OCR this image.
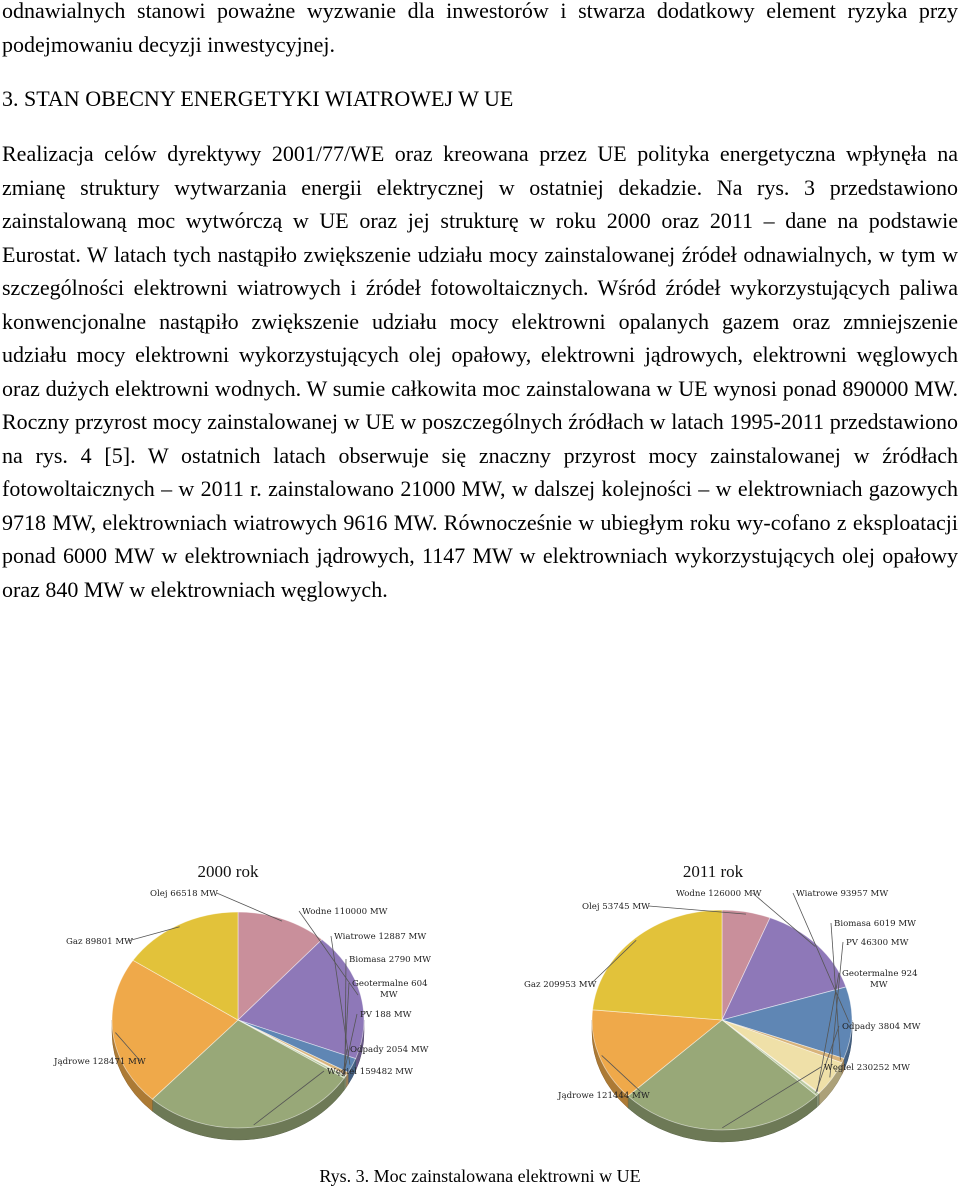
odnawialnych stanowi poważne wyzwanie dla inwestorów i stwarza dodatkowy element ryzyka przy podejmowaniu decyzji inwestycyjnej.

3. STAN OBECNY ENERGETYKI WIATROWEJ W UE

Realizacja celów dyrektywy 2001/77/WE oraz kreowana przez UE polityka energetyczna wpłynęła na zmianę struktury wytwarzania energii elektrycznej w ostatniej dekadzie. Na rys. 3 przedstawiono zainstalowaną moc wytwórczą w UE oraz jej strukturę w roku 2000 oraz 2011 – dane na podstawie Eurostat. W latach tych nastąpiło zwiększenie udziału mocy zainstalowanej źródeł odnawialnych, w tym w szczególności elektrowni wiatrowych i źródeł fotowoltaicznych. Wśród źródeł wykorzystujących paliwa konwencjonalne nastąpiło zwiększenie udziału mocy elektrowni opalanych gazem oraz zmniejszenie udziału mocy elektrowni wykorzystujących olej opałowy, elektrowni jądrowych, elektrowni węglowych oraz dużych elektrowni wodnych. W sumie całkowita moc zainstalowana w UE wynosi ponad 890000 MW. Roczny przyrost mocy zainstalowanej w UE w poszczególnych źródłach w latach 1995-2011 przedstawiono na rys. 4 [5]. W ostatnich latach obserwuje się znaczny przyrost mocy zainstalowanej w źródłach fotowoltaicznych – w 2011 r. zainstalowano 21000 MW, w dalszej kolejności – w elektrowniach gazowych 9718 MW, elektrowniach wiatrowych 9616 MW. Równocześnie w ubiegłym roku wy-cofano z eksploatacji ponad 6000 MW w elektrowniach jądrowych, 1147 MW w elektrowniach wykorzystujących olej opałowy oraz 840 MW w elektrowniach węglowych.

2000 rok
Olej 66518 MW
Wodne 110000 MW
Wiatrowe 12887 MW
Biomasa 2790 MW
Geotermalne 604 MW
PV 188 MW
Odpady 2054 MW
Węgiel 159482 MW
Jądrowe 128471 MW
Gaz 89801 MW
2011 rok
Olej 53745 MW
Wodne 126000 MW	Wiatrowe 93957 MW
Biomasa 6019 MW
PV 46300 MW
Geotermalne 924 MW
Odpady 3804 MW
Węgiel 230252 MW
Jądrowe 121444 MW
Gaz 209953 MW

Rys. 3. Moc zainstalowana elektrowni w UE
